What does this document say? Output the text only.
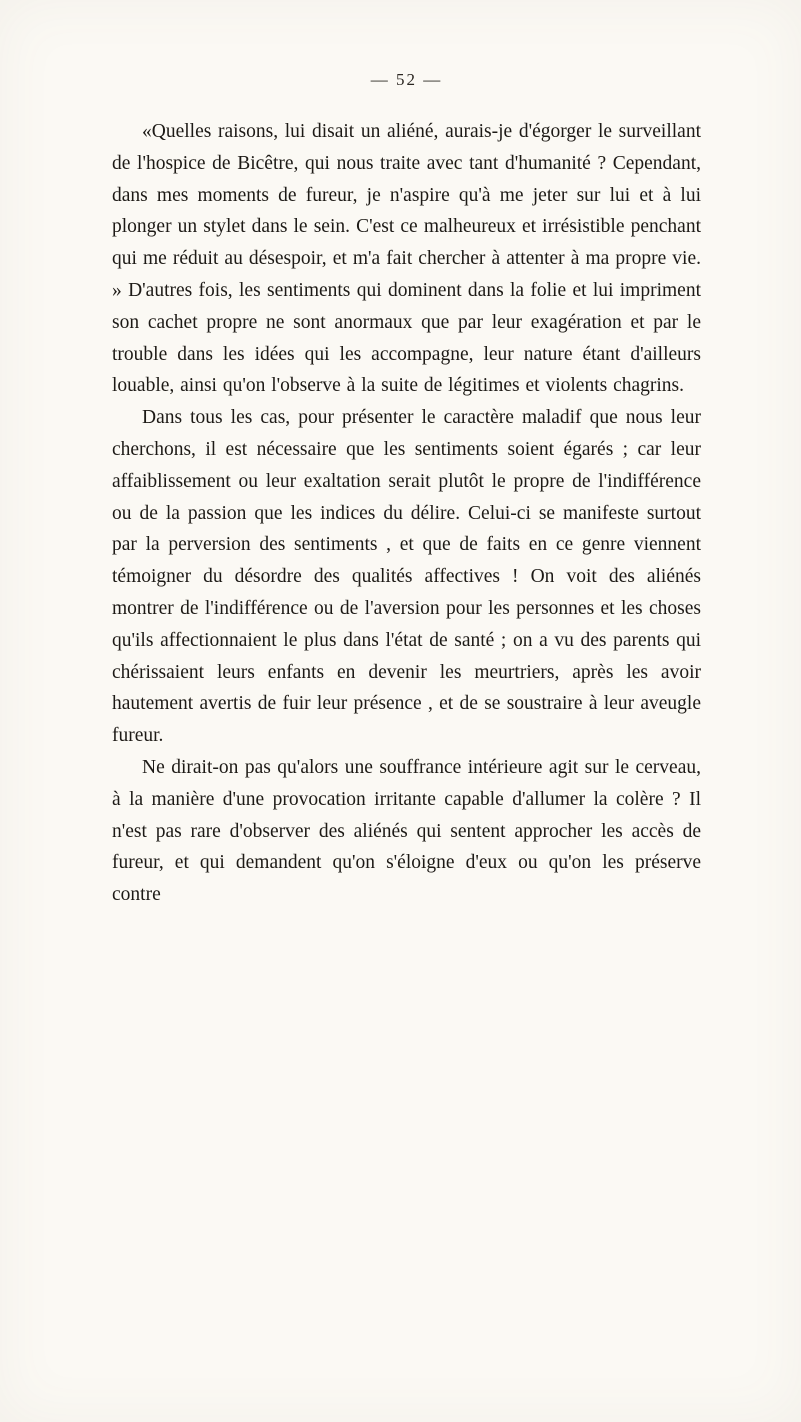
— 52 —

«Quelles raisons, lui disait un aliéné, aurais-je d'égorger le surveillant de l'hospice de Bicêtre, qui nous traite avec tant d'humanité ? Cependant, dans mes moments de fureur, je n'aspire qu'à me jeter sur lui et à lui plonger un stylet dans le sein. C'est ce malheureux et irrésistible penchant qui me réduit au désespoir, et m'a fait chercher à attenter à ma propre vie. » D'autres fois, les sentiments qui dominent dans la folie et lui impriment son cachet propre ne sont anormaux que par leur exagération et par le trouble dans les idées qui les accompagne, leur nature étant d'ailleurs louable, ainsi qu'on l'observe à la suite de légitimes et violents chagrins.

Dans tous les cas, pour présenter le caractère maladif que nous leur cherchons, il est nécessaire que les sentiments soient égarés ; car leur affaiblissement ou leur exaltation serait plutôt le propre de l'indifférence ou de la passion que les indices du délire. Celui-ci se manifeste surtout par la perversion des sentiments , et que de faits en ce genre viennent témoigner du désordre des qualités affectives ! On voit des aliénés montrer de l'indifférence ou de l'aversion pour les personnes et les choses qu'ils affectionnaient le plus dans l'état de santé ; on a vu des parents qui chérissaient leurs enfants en devenir les meurtriers, après les avoir hautement avertis de fuir leur présence , et de se soustraire à leur aveugle fureur.

Ne dirait-on pas qu'alors une souffrance intérieure agit sur le cerveau, à la manière d'une provocation irritante capable d'allumer la colère ? Il n'est pas rare d'observer des aliénés qui sentent approcher les accès de fureur, et qui demandent qu'on s'éloigne d'eux ou qu'on les préserve contre
